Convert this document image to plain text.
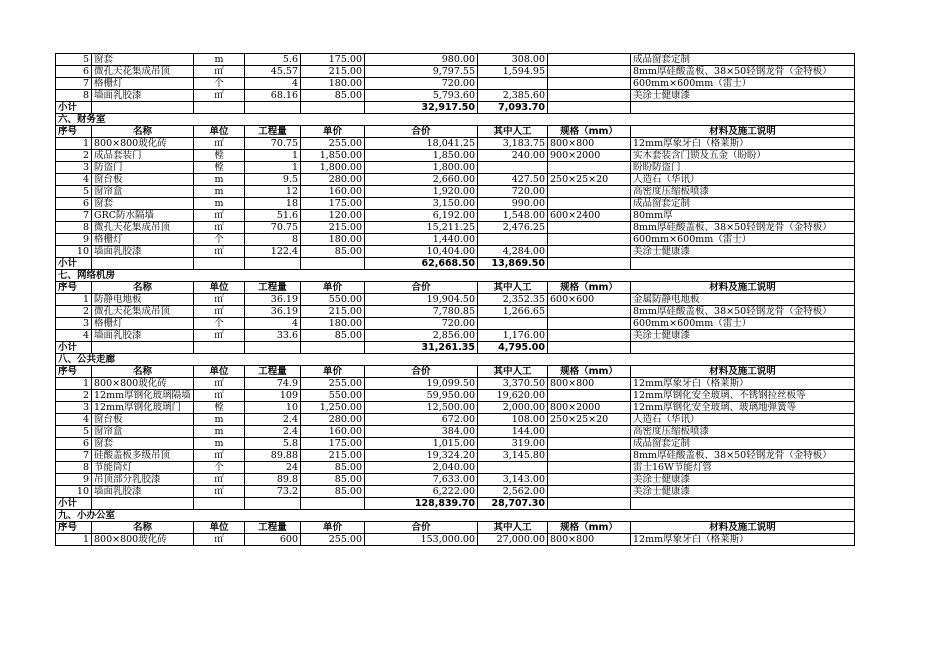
5	窗套	m	5.6	175.00	980.00	308.00		成品窗套定制
6	微孔天花集成吊顶	㎡	45.57	215.00	9,797.55	1,594.95		8mm厚硅酸盖板、38×50轻钢龙骨（金特板）
7	格栅灯	个	4	180.00	720.00			600mm×600mm（雷士）
8	墙面乳胶漆	㎡	68.16	85.00	5,793.60	2,385.60		美涂士健康漆
小计					32,917.50	7,093.70		
六、财务室								
序号	名称	单位	工程量	单价	合价	其中人工	规格（mm）	材料及施工说明
1	800×800玻化砖	㎡	70.75	255.00	18,041.25	3,183.75	800×800	12mm厚象牙白（格莱斯）
2	成品套装门	樘	1	1,850.00	1,850.00	240.00	900×2000	实木套装含门锁及五金（盼盼）
3	防盗门	樘	1	1,800.00	1,800.00			盼盼防盗门
4	窗台板	m	9.5	280.00	2,660.00	427.50	250×25×20	人造石（华讯）
5	窗帘盒	m	12	160.00	1,920.00	720.00		高密度压缩板喷漆
6	窗套	m	18	175.00	3,150.00	990.00		成品窗套定制
7	GRC防水隔墙	㎡	51.6	120.00	6,192.00	1,548.00	600×2400	80mm厚
8	微孔天花集成吊顶	㎡	70.75	215.00	15,211.25	2,476.25		8mm厚硅酸盖板、38×50轻钢龙骨（金特板）
9	格栅灯	个	8	180.00	1,440.00			600mm×600mm（雷士）
10	墙面乳胶漆	㎡	122.4	85.00	10,404.00	4,284.00		美涂士健康漆
小计					62,668.50	13,869.50		
七、网络机房								
序号	名称	单位	工程量	单价	合价	其中人工	规格（mm）	材料及施工说明
1	防静电地板	㎡	36.19	550.00	19,904.50	2,352.35	600×600	金属防静电地板
2	微孔天花集成吊顶	㎡	36.19	215.00	7,780.85	1,266.65		8mm厚硅酸盖板、38×50轻钢龙骨（金特板）
3	格栅灯	个	4	180.00	720.00			600mm×600mm（雷士）
4	墙面乳胶漆	㎡	33.6	85.00	2,856.00	1,176.00		美涂士健康漆
小计					31,261.35	4,795.00		
八、公共走廊								
序号	名称	单位	工程量	单价	合价	其中人工	规格（mm）	材料及施工说明
1	800×800玻化砖	㎡	74.9	255.00	19,099.50	3,370.50	800×800	12mm厚象牙白（格莱斯）
2	12mm厚钢化玻璃隔墙	㎡	109	550.00	59,950.00	19,620.00		12mm厚钢化安全玻璃、不锈钢拉丝板等
3	12mm厚钢化玻璃门	樘	10	1,250.00	12,500.00	2,000.00	800×2000	12mm厚钢化安全玻璃、玻璃地弹簧等
4	窗台板	m	2.4	280.00	672.00	108.00	250×25×20	人造石（华讯）
5	窗帘盒	m	2.4	160.00	384.00	144.00		高密度压缩板喷漆
6	窗套	m	5.8	175.00	1,015.00	319.00		成品窗套定制
7	硅酸盖板多级吊顶	㎡	89.88	215.00	19,324.20	3,145.80		8mm厚硅酸盖板、38×50轻钢龙骨（金特板）
8	节能筒灯	个	24	85.00	2,040.00			雷士16W节能灯管
9	吊顶部分乳胶漆	㎡	89.8	85.00	7,633.00	3,143.00		美涂士健康漆
10	墙面乳胶漆	㎡	73.2	85.00	6,222.00	2,562.00		美涂士健康漆
小计					128,839.70	28,707.30		
九、小办公室								
序号	名称	单位	工程量	单价	合价	其中人工	规格（mm）	材料及施工说明
1	800×800玻化砖	㎡	600	255.00	153,000.00	27,000.00	800×800	12mm厚象牙白（格莱斯）
